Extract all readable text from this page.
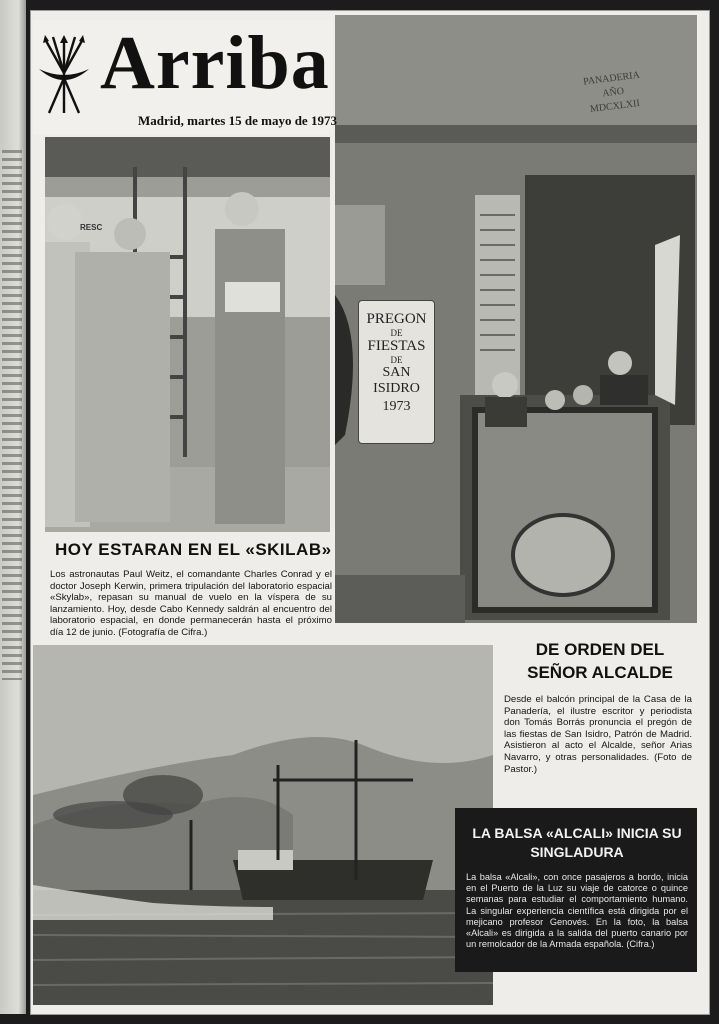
PANADERIA
AÑO
MDCXLXII
PREGON
DE
FIESTAS
DE
SAN ISIDRO
1973
Arriba
Madrid, martes 15 de mayo de 1973
RESC
HOY ESTARAN EN EL «SKILAB»
Los astronautas Paul Weitz, el comandante Charles Conrad y el doctor Joseph Kerwin, primera tripulación del laboratorio espacial «Skylab», repasan su manual de vuelo en la víspera de su lanzamiento. Hoy, desde Cabo Kennedy saldrán al encuentro del laboratorio espacial, en donde permanecerán hasta el próximo día 12 de junio. (Fotografía de Cifra.)
DE ORDEN DEL SEÑOR ALCALDE
Desde el balcón principal de la Casa de la Panadería, el ilustre escritor y periodista don Tomás Borrás pronuncia el pregón de las fiestas de San Isidro, Patrón de Madrid. Asistieron al acto el Alcalde, señor Arias Navarro, y otras personalidades. (Foto de Pastor.)
LA BALSA «ALCALI» INICIA SU SINGLADURA
La balsa «Alcali», con once pasajeros a bordo, inicia en el Puerto de la Luz su viaje de catorce o quince semanas para estudiar el comportamiento humano. La singular experiencia científica está dirigida por el mejicano profesor Genovés. En la foto, la balsa «Alcali» es dirigida a la salida del puerto canario por un remolcador de la Armada española. (Cifra.)
